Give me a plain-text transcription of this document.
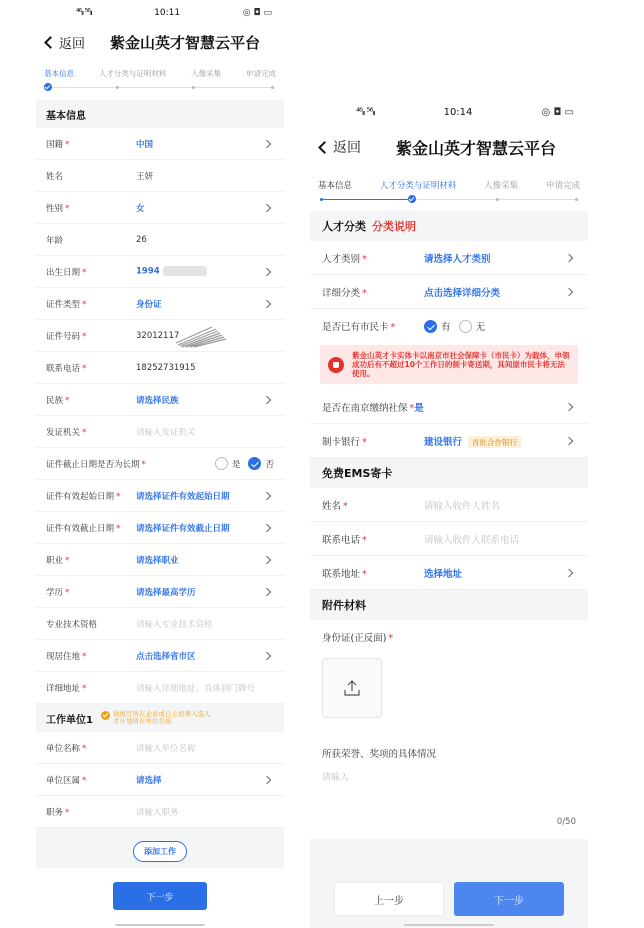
⁴⁶ᵢₗₗ ⁵⁶ᵢₗₗ	10:11	◎ ◘ ▭
返回 紫金山英才智慧云平台
基本信息	人才分类与证明材料	人像采集	申请完成
基本信息
国籍 *	中国
姓名	王妍
性别 *	女
年龄	26
出生日期 *	1994
证件类型 *	身份证
证件号码 *	32012117
联系电话 *	18252731915
民族 *	请选择民族
发证机关 *	请输入发证机关
证件截止日期是否为长期 *	是	否
证件有效起始日期 *	请选择证件有效起始日期
证件有效截止日期 *	请选择证件有效截止日期
职业 *	请选择职业
学历 *	请选择最高学历
专业技术资格	请输入专业技术资格
现居住地 *	点击选择省市区
详细地址 *	请输入详细地址、具体到门牌号
工作单位1
请填写所在企业或自主培养入选人才计划所在单位名称
单位名称 *	请输入单位名称
单位区属 *	请选择
职务 *	请输入职务
添加工作
下一步
⁴⁶ᵢₗₗ ⁵⁶ᵢₗₗ	10:14	◎ ◘ ▭
返回 紫金山英才智慧云平台
基本信息	人才分类与证明材料	人像采集	申请完成
人才分类 分类说明
人才类别 *	请选择人才类别
详细分类 *	点击选择详细分类
是否已有市民卡 *	有	无
紫金山英才卡实体卡以南京市社会保障卡（市民卡）为载体，申领成功后有不超过10个工作日的制卡寄送期，其间原市民卡将无法使用。
是否在南京缴纳社保 * 是
制卡银行 *	建设银行 首批合作银行
免费EMS寄卡
姓名 *	请输入收件人姓名
联系电话 *	请输入收件人联系电话
联系地址 *	选择地址
附件材料
身份证(正反面) *
所获荣誉、奖项的具体情况
请输入
0/50
上一步	下一步
